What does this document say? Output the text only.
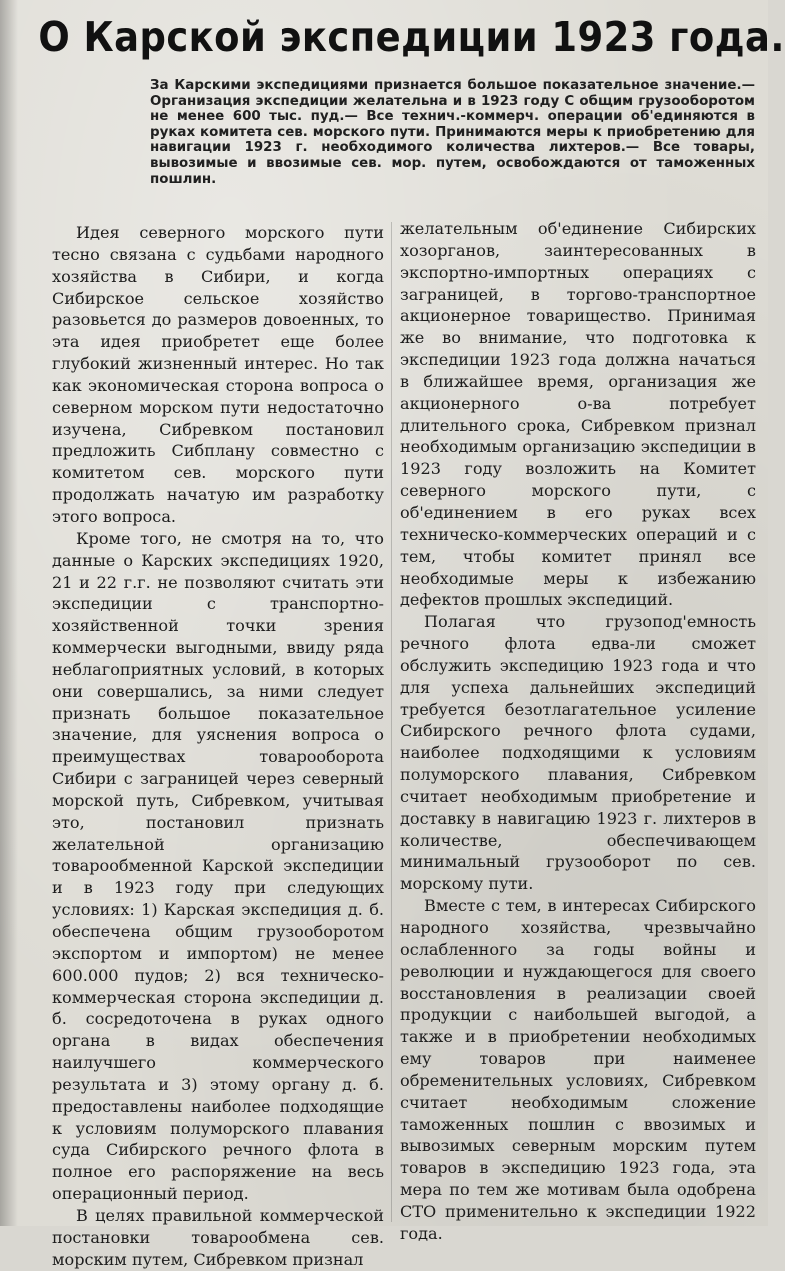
О Карской экспедиции 1923 года.
За Карскими экспедициями признается большое показательное значение.— Организация экспедиции желательна и в 1923 году С общим грузооборотом не менее 600 тыс. пуд.— Все технич.-коммерч. операции об'единяются в руках комитета сев. морского пути. Принимаются меры к приобретению для навигации 1923 г. необходимого количества лихтеров.— Все товары, вывозимые и ввозимые сев. мор. путем, освобождаются от таможенных пошлин.

Идея северного морского пути тесно связана с судьбами народного хозяйства в Сибири, и когда Сибирское сельское хозяйство разовьется до размеров довоенных, то эта идея приобретет еще более глубокий жизненный интерес. Но так как экономическая сторона вопроса о северном морском пути недостаточно изучена, Сибревком постановил предложить Сибплану совместно с комитетом сев. морского пути продолжать начатую им разработку этого вопроса.

Кроме того, не смотря на то, что данные о Карских экспедициях 1920, 21 и 22 г.г. не позволяют считать эти экспедиции с транспортно-хозяйственной точки зрения коммерчески выгодными, ввиду ряда неблагоприятных условий, в которых они совершались, за ними следует признать большое показательное значение, для уяснения вопроса о преимуществах товарооборота Сибири с заграницей через северный морской путь, Сибревком, учитывая это, постановил признать желательной организацию товарообменной Карской экспедиции и в 1923 году при следующих условиях: 1) Карская экспедиция д. б. обеспечена общим грузооборотом экспортом и импортом) не менее 600.000 пудов; 2) вся техническо-коммерческая сторона экспедиции д. б. сосредоточена в руках одного органа в видах обеспечения наилучшего коммерческого результата и 3) этому органу д. б. предоставлены наиболее подходящие к условиям полуморского плавания суда Сибирского речного флота в полное его распоряжение на весь операционный период.

В целях правильной коммерческой постановки товарообмена сев. морским путем, Сибревком признал

желательным об'единение Сибирских хозорганов, заинтересованных в экспортно-импортных операциях с заграницей, в торгово-транспортное акционерное товарищество. Принимая же во внимание, что подготовка к экспедиции 1923 года должна начаться в ближайшее время, организация же акционерного о-ва потребует длительного срока, Сибревком признал необходимым организацию экспедиции в 1923 году возложить на Комитет северного морского пути, с об'единением в его руках всех техническо-коммерческих операций и с тем, чтобы комитет принял все необходимые меры к избежанию дефектов прошлых экспедиций.

Полагая что грузопод'емность речного флота едва-ли сможет обслужить экспедицию 1923 года и что для успеха дальнейших экспедиций требуется безотлагательное усиление Сибирского речного флота судами, наиболее подходящими к условиям полуморского плавания, Сибревком считает необходимым приобретение и доставку в навигацию 1923 г. лихтеров в количестве, обеспечивающем минимальный грузооборот по сев. морскому пути.

Вместе с тем, в интересах Сибирского народного хозяйства, чрезвычайно ослабленного за годы войны и революции и нуждающегося для своего восстановления в реализации своей продукции с наибольшей выгодой, а также и в приобретении необходимых ему товаров при наименее обременительных условиях, Сибревком считает необходимым сложение таможенных пошлин с ввозимых и вывозимых северным морским путем товаров в экспедицию 1923 года, эта мера по тем же мотивам была одобрена СТО применительно к экспедиции 1922 года.
